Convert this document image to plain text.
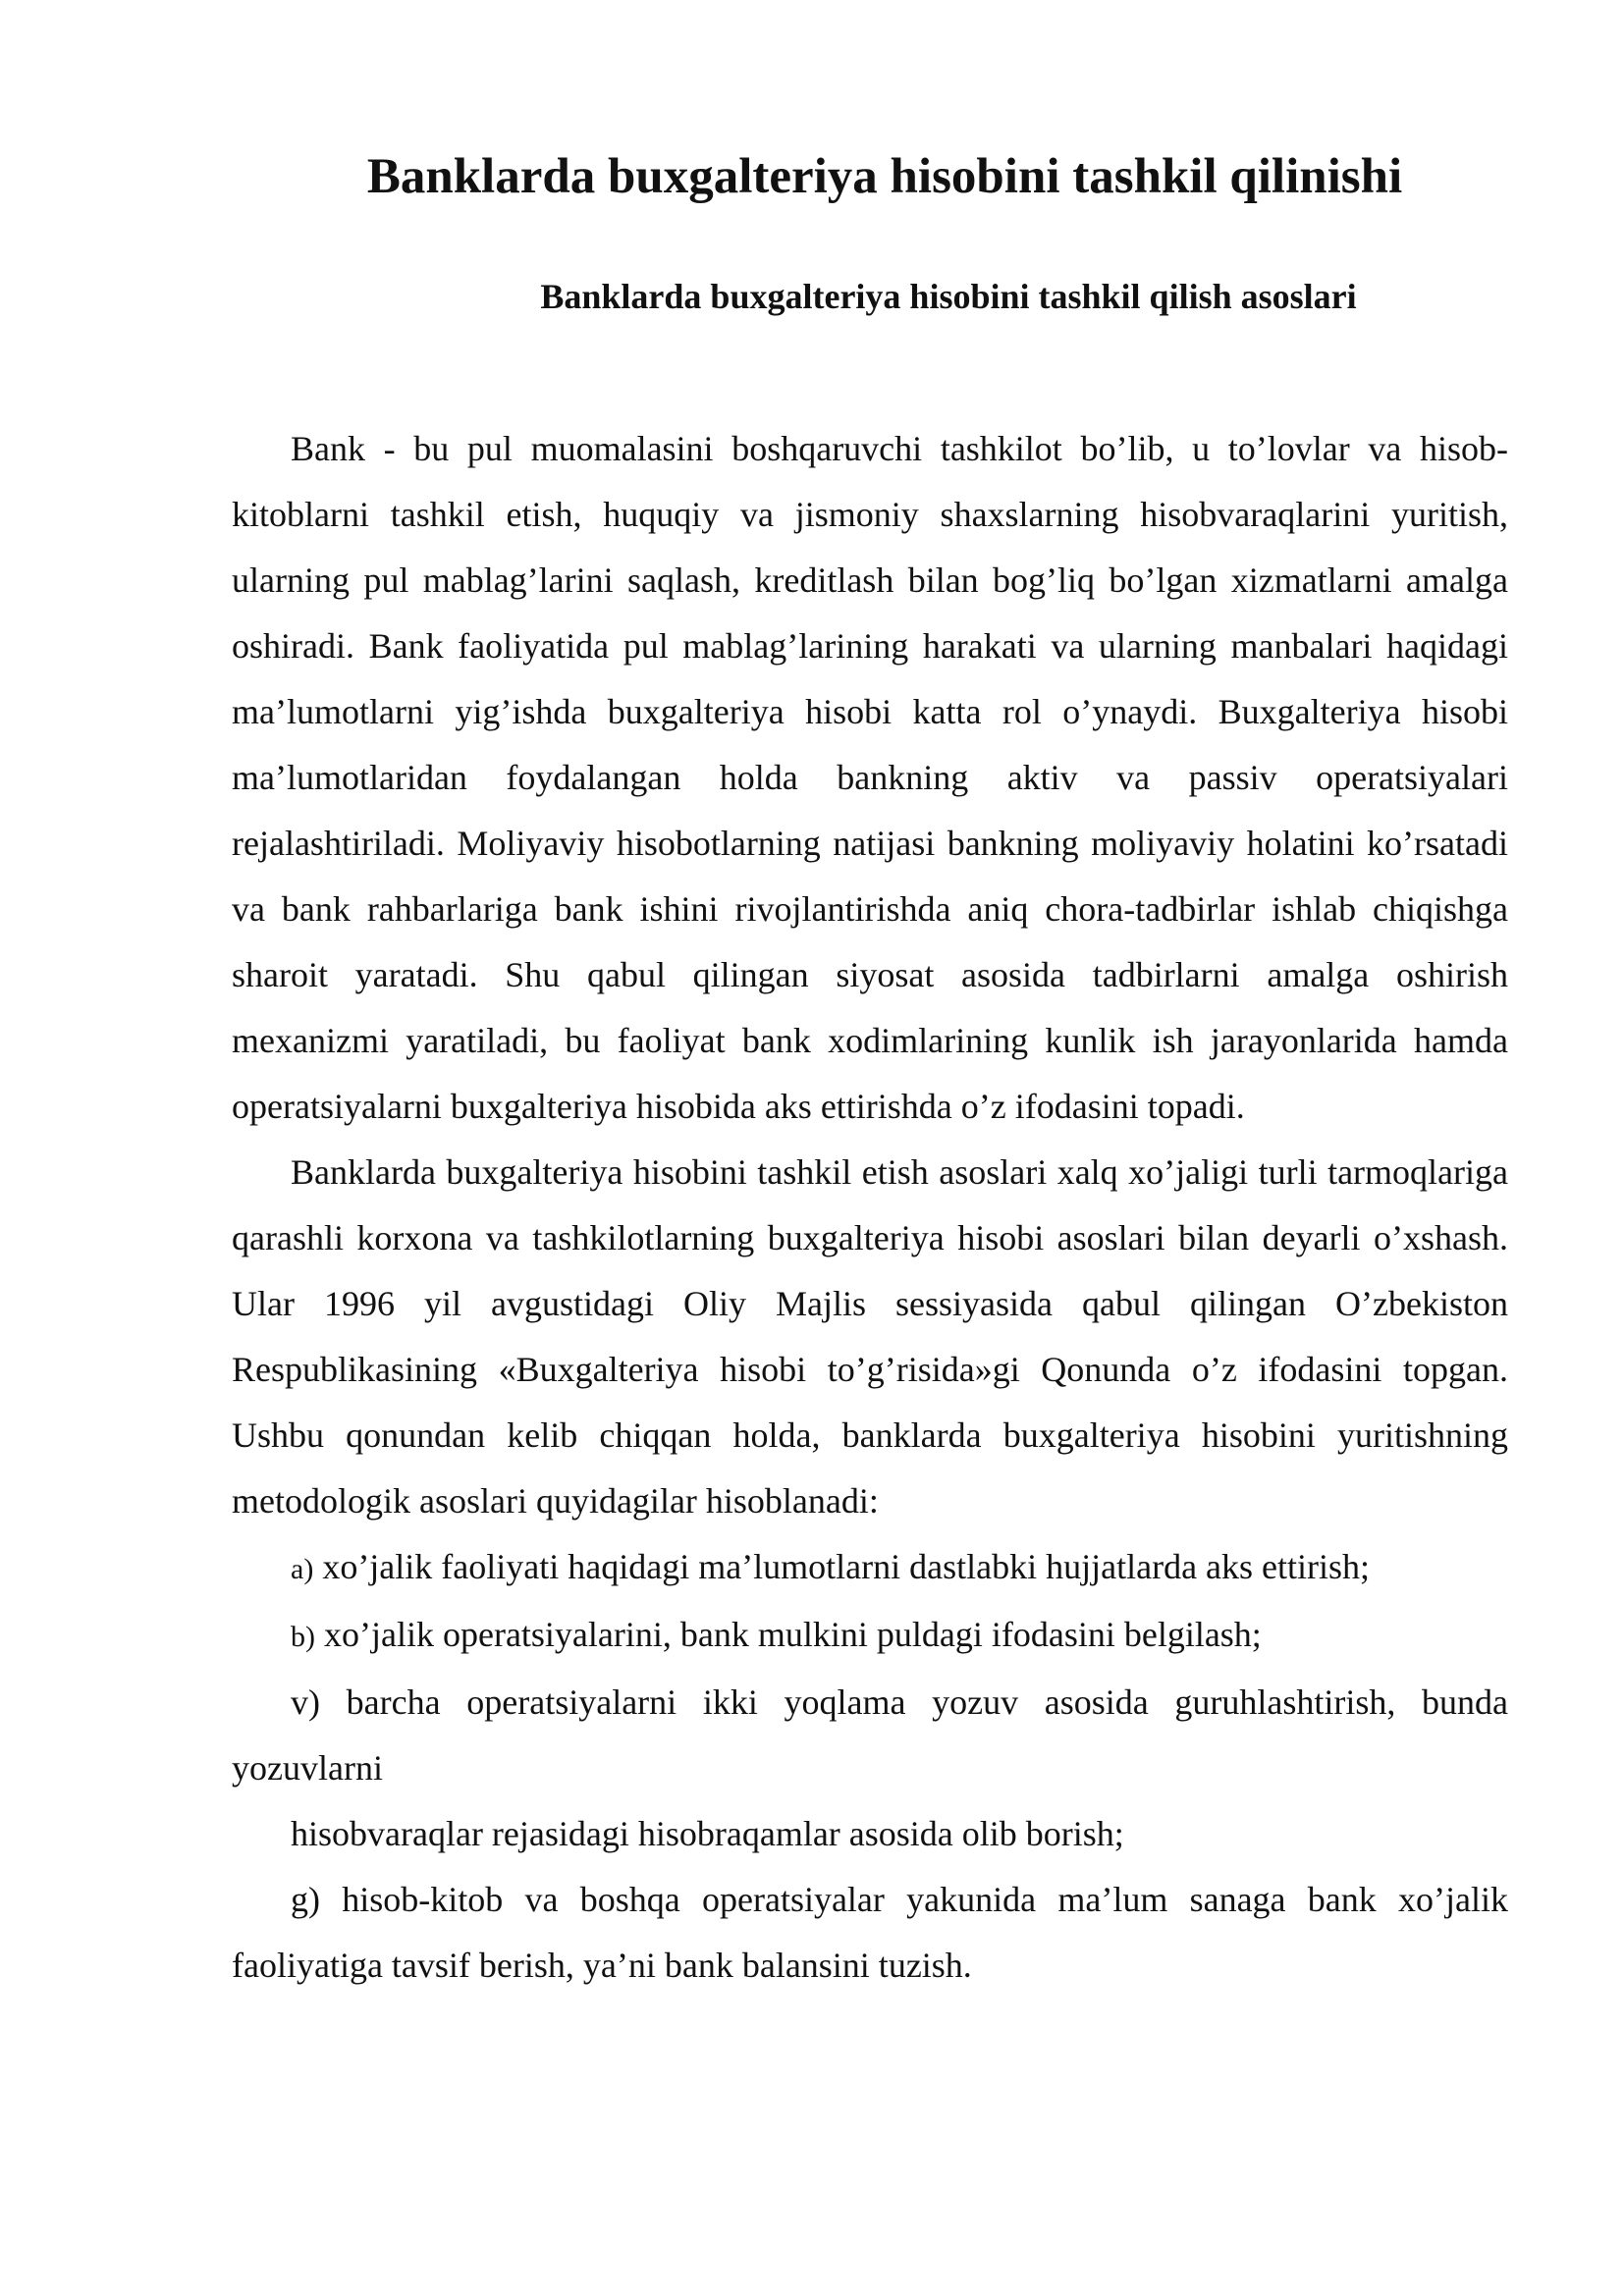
Banklarda buxgalteriya hisobini tashkil qilinishi
Banklarda buxgalteriya hisobini tashkil qilish asoslari

Bank - bu pul muomalasini boshqaruvchi tashkilot bo’lib, u to’lovlar va hisob-kitoblarni tashkil etish, huquqiy va jismoniy shaxslarning hisobvaraqlarini yuritish, ularning pul mablag’larini saqlash, kreditlash bilan bog’liq bo’lgan xizmatlarni amalga oshiradi. Bank faoliyatida pul mablag’larining harakati va ularning manbalari haqidagi ma’lumotlarni yig’ishda buxgalteriya hisobi katta rol o’ynaydi. Buxgalteriya hisobi ma’lumotlaridan foydalangan holda bankning aktiv va passiv operatsiyalari rejalashtiriladi. Moliyaviy hisobotlarning natijasi bankning moliyaviy holatini ko’rsatadi va bank rahbarlariga bank ishini rivojlantirishda aniq chora-tadbirlar ishlab chiqishga sharoit yaratadi. Shu qabul qilingan siyosat asosida tadbirlarni amalga oshirish mexanizmi yaratiladi, bu faoliyat bank xodimlarining kunlik ish jarayonlarida hamda operatsiyalarni buxgalteriya hisobida aks ettirishda o’z ifodasini topadi.

Banklarda buxgalteriya hisobini tashkil etish asoslari xalq xo’jaligi turli tarmoqlariga qarashli korxona va tashkilotlarning buxgalteriya hisobi asoslari bilan deyarli o’xshash. Ular 1996 yil avgustidagi Oliy Majlis sessiyasida qabul qilingan O’zbekiston Respublikasining «Buxgalteriya hisobi to’g’risida»gi Qonunda o’z ifodasini topgan. Ushbu qonundan kelib chiqqan holda, banklarda buxgalteriya hisobini yuritishning metodologik asoslari quyidagilar hisoblanadi:

a) xo’jalik faoliyati haqidagi ma’lumotlarni dastlabki hujjatlarda aks ettirish;

b) xo’jalik operatsiyalarini, bank mulkini puldagi ifodasini belgilash;

v) barcha operatsiyalarni ikki yoqlama yozuv asosida guruhlashtirish, bunda yozuvlarni

hisobvaraqlar rejasidagi hisobraqamlar asosida olib borish;

g) hisob-kitob va boshqa operatsiyalar yakunida ma’lum sanaga bank xo’jalik faoliyatiga tavsif berish, ya’ni bank balansini tuzish.
